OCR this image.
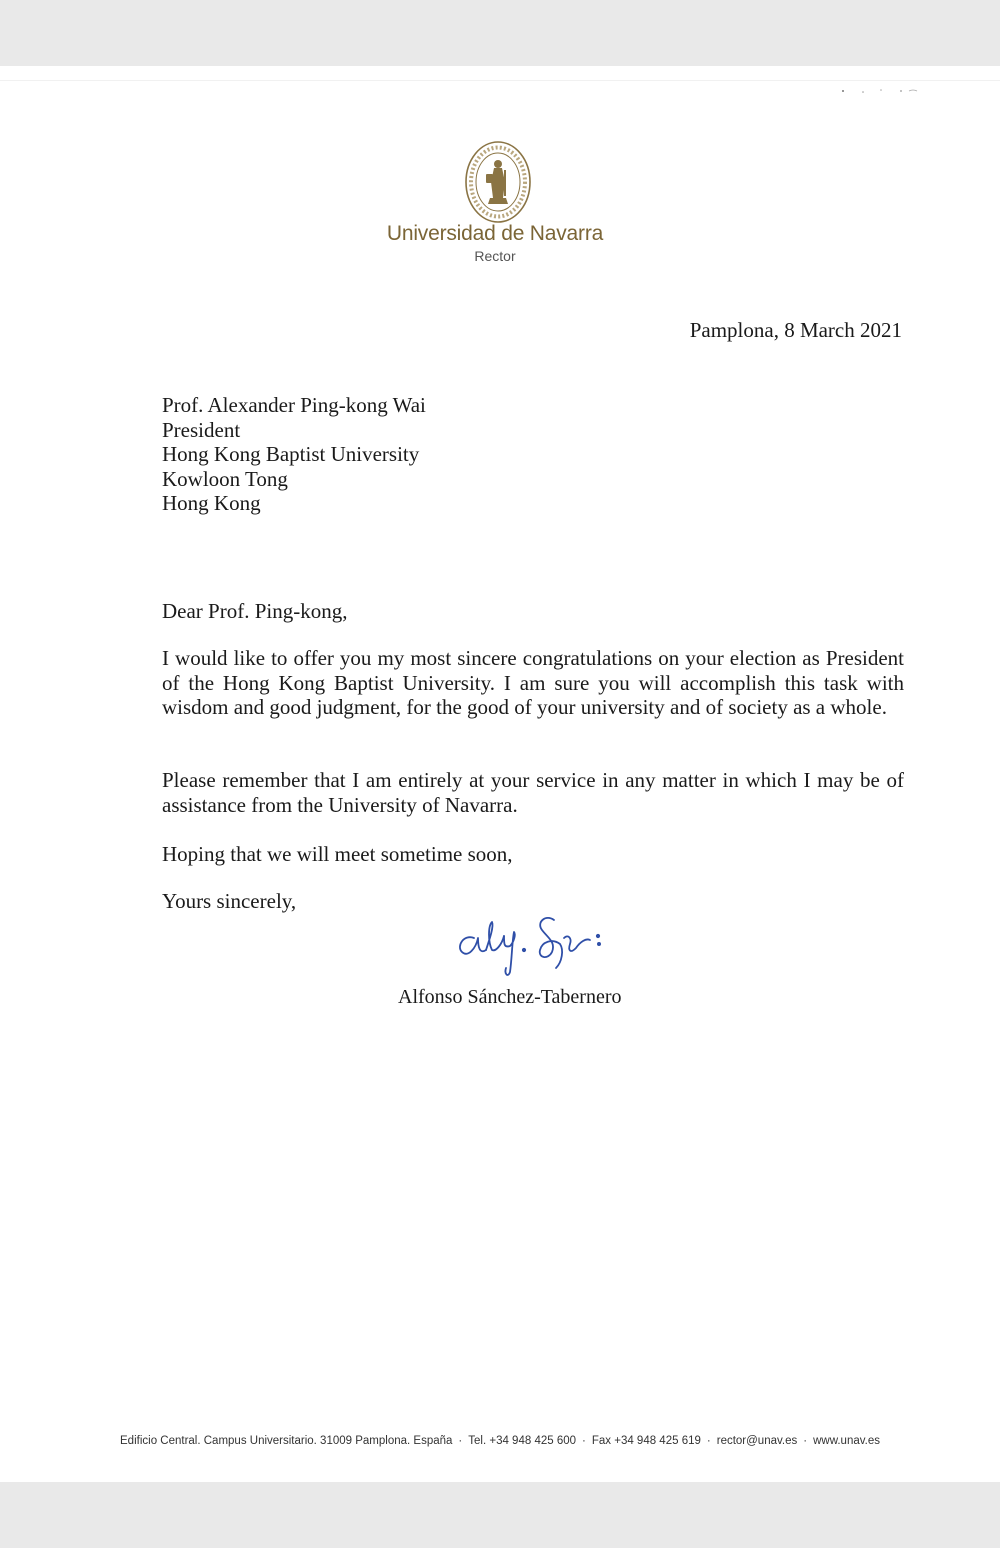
Universidad de Navarra
Rector
Pamplona, 8 March 2021
Prof. Alexander Ping-kong Wai
President
Hong Kong Baptist University
Kowloon Tong
Hong Kong

Dear Prof. Ping-kong,

I would like to offer you my most sincere congratulations on your election as President of the Hong Kong Baptist University. I am sure you will accomplish this task with wisdom and good judgment, for the good of your university and of society as a whole.

Please remember that I am entirely at your service in any matter in which I may be of assistance from the University of Navarra.

Hoping that we will meet sometime soon,

Yours sincerely,

Alfonso Sánchez-Tabernero
Edificio Central. Campus Universitario. 31009 Pamplona. España · Tel. +34 948 425 600 · Fax +34 948 425 619 · rector@unav.es · www.unav.es
